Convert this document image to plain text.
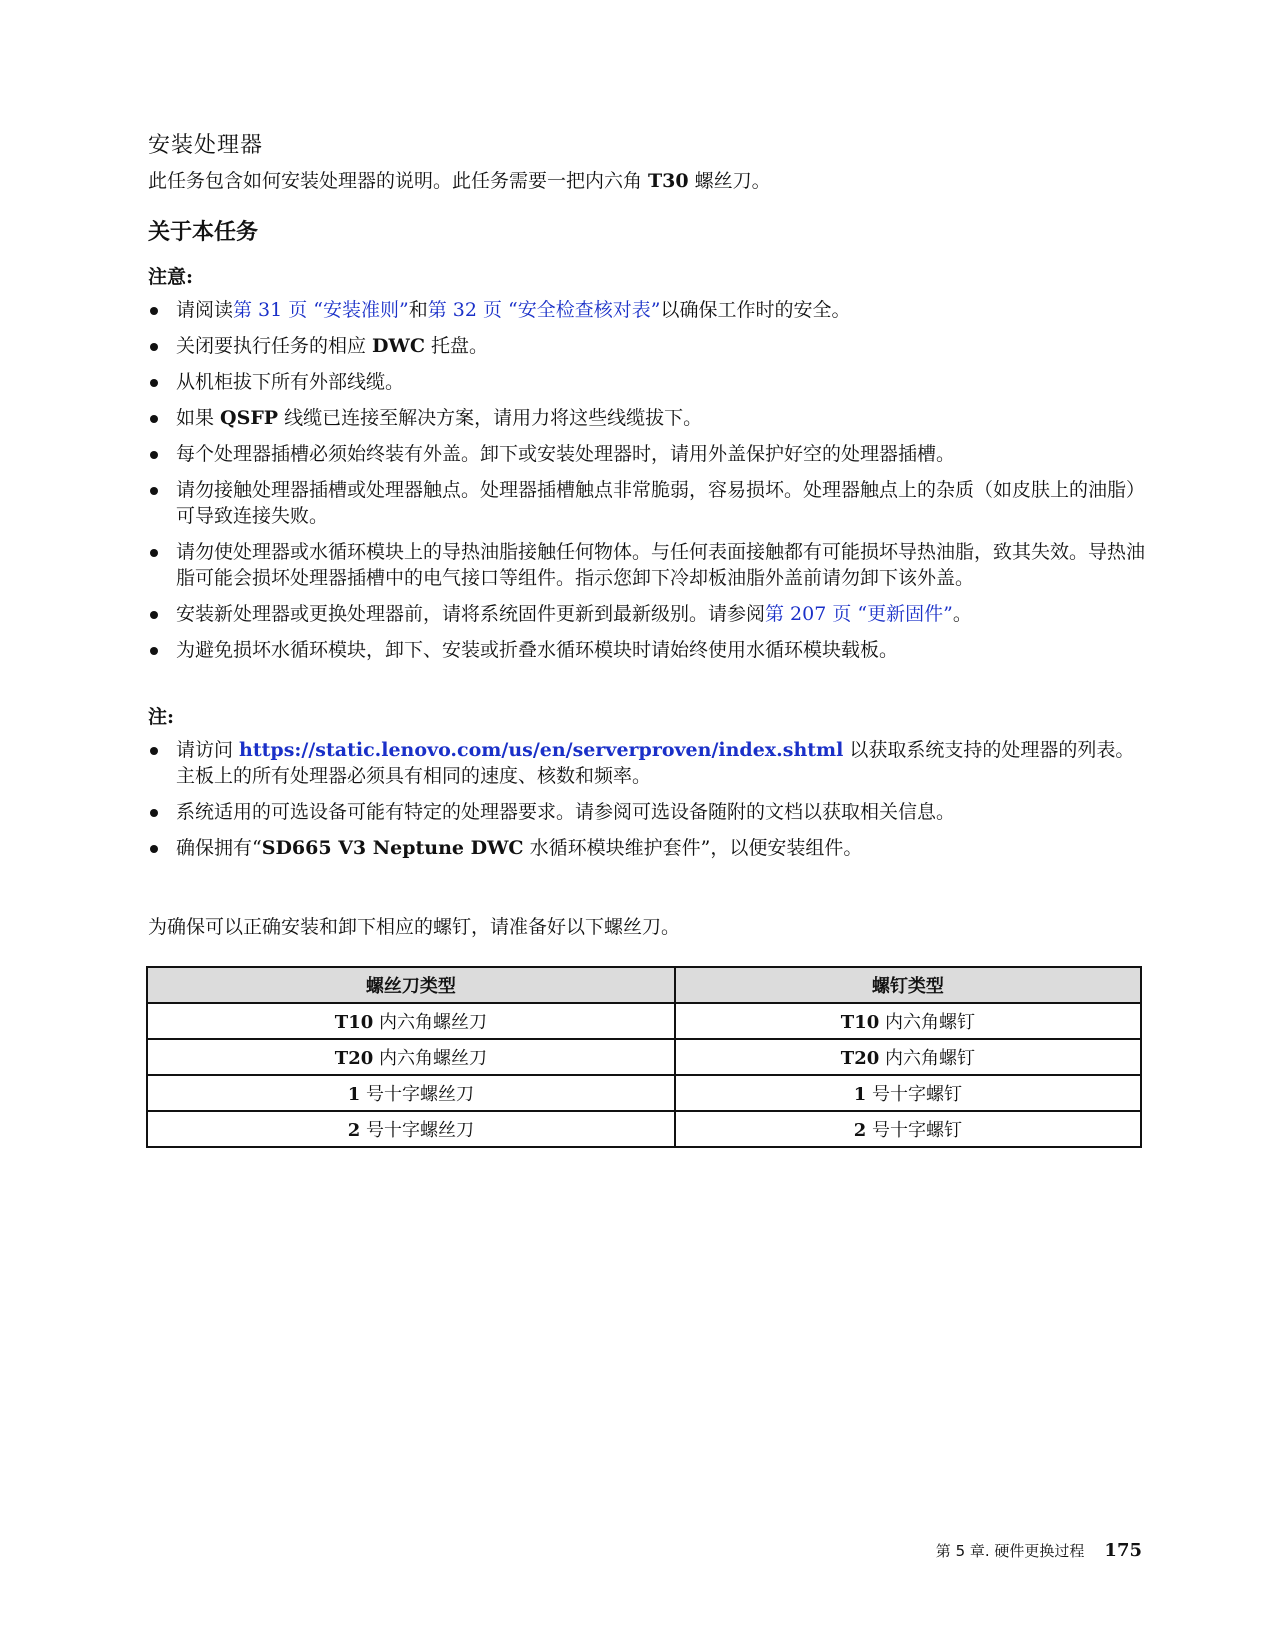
安装处理器

此任务包含如何安装处理器的说明。此任务需要一把内六角 T30 螺丝刀。

关于本任务

注意:

请阅读第 31 页 “安装准则”和第 32 页 “安全检查核对表”以确保工作时的安全。
关闭要执行任务的相应 DWC 托盘。
从机柜拔下所有外部线缆。
如果 QSFP 线缆已连接至解决方案，请用力将这些线缆拔下。
每个处理器插槽必须始终装有外盖。卸下或安装处理器时，请用外盖保护好空的处理器插槽。
请勿接触处理器插槽或处理器触点。处理器插槽触点非常脆弱，容易损坏。处理器触点上的杂质（如皮肤上的油脂）可导致连接失败。
请勿使处理器或水循环模块上的导热油脂接触任何物体。与任何表面接触都有可能损坏导热油脂，致其失效。导热油脂可能会损坏处理器插槽中的电气接口等组件。指示您卸下冷却板油脂外盖前请勿卸下该外盖。
安装新处理器或更换处理器前，请将系统固件更新到最新级别。请参阅第 207 页 “更新固件”。
为避免损坏水循环模块，卸下、安装或折叠水循环模块时请始终使用水循环模块载板。

注:

请访问 https://static.lenovo.com/us/en/serverproven/index.shtml 以获取系统支持的处理器的列表。主板上的所有处理器必须具有相同的速度、核数和频率。
系统适用的可选设备可能有特定的处理器要求。请参阅可选设备随附的文档以获取相关信息。
确保拥有“SD665 V3 Neptune DWC 水循环模块维护套件”，以便安装组件。

为确保可以正确安装和卸下相应的螺钉，请准备好以下螺丝刀。

螺丝刀类型	螺钉类型
T10 内六角螺丝刀	T10 内六角螺钉
T20 内六角螺丝刀	T20 内六角螺钉
1 号十字螺丝刀	1 号十字螺钉
2 号十字螺丝刀	2 号十字螺钉
第 5 章. 硬件更换过程 175
